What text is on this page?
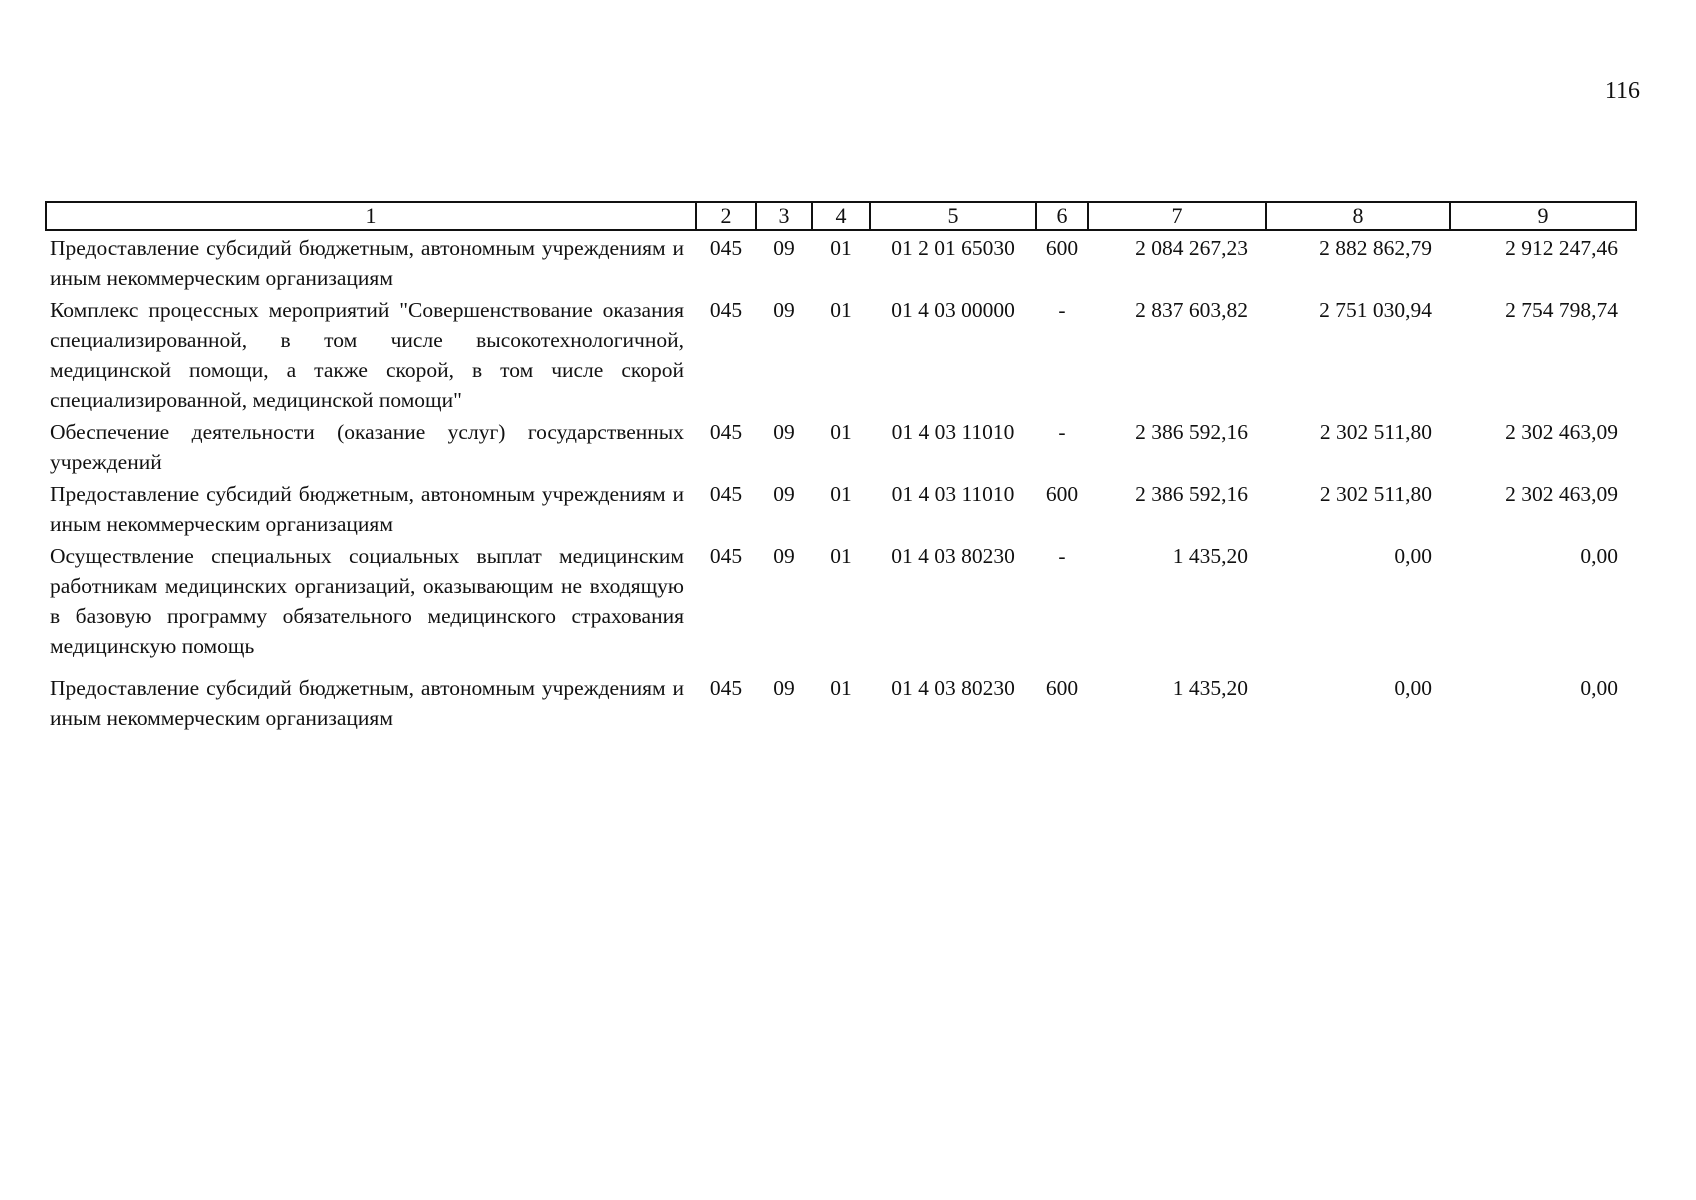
116
1	2	3	4	5	6	7	8	9
Предоставление субсидий бюджетным, автономным учреждениям и иным некоммерческим организациям	045	09	01	01 2 01 65030	600	2 084 267,23	2 882 862,79	2 912 247,46
Комплекс процессных мероприятий "Совершенствование оказания специализированной, в том числе высокотехнологичной, медицинской помощи, а также скорой, в том числе скорой специализированной, медицинской помощи"	045	09	01	01 4 03 00000	-	2 837 603,82	2 751 030,94	2 754 798,74
Обеспечение деятельности (оказание услуг) государственных учреждений	045	09	01	01 4 03 11010	-	2 386 592,16	2 302 511,80	2 302 463,09
Предоставление субсидий бюджетным, автономным учреждениям и иным некоммерческим организациям	045	09	01	01 4 03 11010	600	2 386 592,16	2 302 511,80	2 302 463,09
Осуществление специальных социальных выплат медицинским работникам медицинских организаций, оказывающим не входящую в базовую программу обязательного медицинского страхования медицинскую помощь	045	09	01	01 4 03 80230	-	1 435,20	0,00	0,00
Предоставление субсидий бюджетным, автономным учреждениям и иным некоммерческим организациям	045	09	01	01 4 03 80230	600	1 435,20	0,00	0,00
